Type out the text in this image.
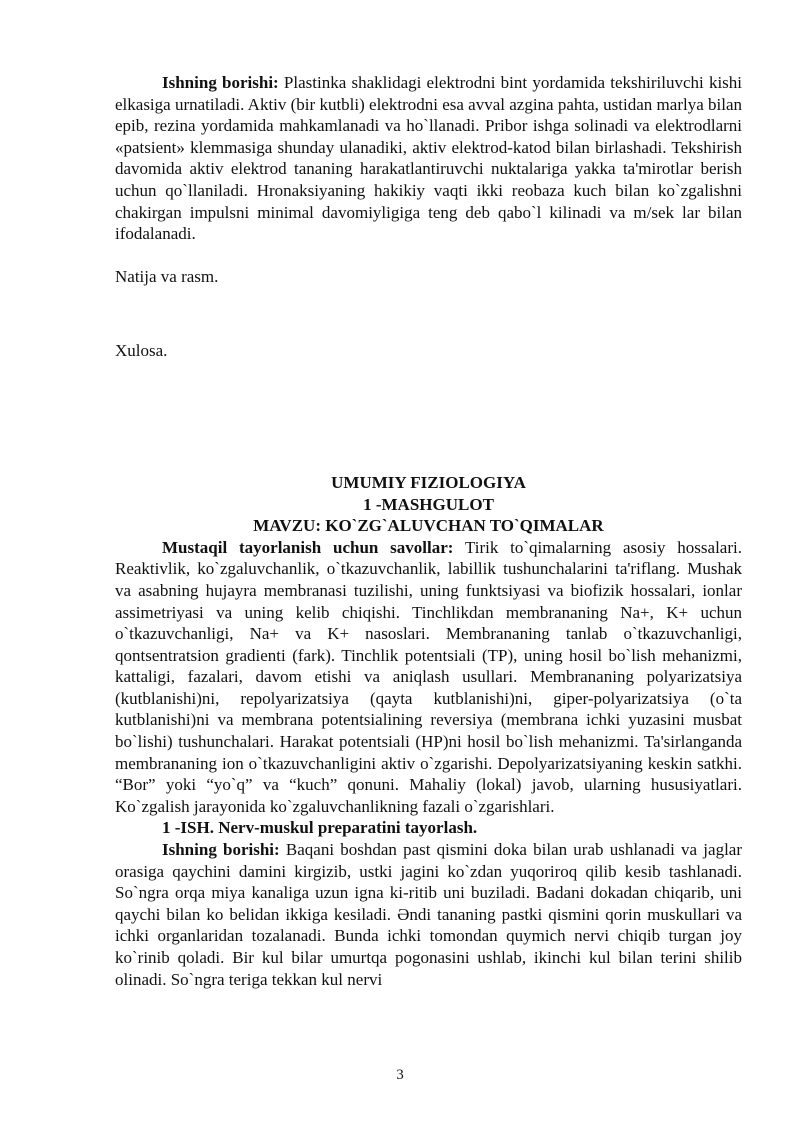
Ishning borishi: Plastinka shaklidagi elektrodni bint yordamida tekshiriluvchi kishi elkasiga urnatiladi. Aktiv (bir kutbli) elektrodni esa avval azgina pahta, ustidan marlya bilan epib, rezina yordamida mahkamlanadi va ho`llanadi. Pribor ishga solinadi va elektrodlarni «patsient» klemmasiga shunday ulanadiki, aktiv elektrod-katod bilan birlashadi. Tekshirish davomida aktiv elektrod tananing harakatlantiruvchi nuktalariga yakka ta'mirotlar berish uchun qo`llaniladi. Hronaksiyaning hakikiy vaqti ikki reobaza kuch bilan ko`zgalishni chakirgan impulsni minimal davomiyligiga teng deb qabo`l kilinadi va m/sek lar bilan ifodalanadi.

Natija va rasm.

Xulosa.

UMUMIY FIZIOLOGIYA

1 -MASHGULOT

MAVZU: KO`ZG`ALUVCHAN TO`QIMALAR

Mustaqil tayorlanish uchun savollar: Tirik to`qimalarning asosiy hossalari. Reaktivlik, ko`zgaluvchanlik, o`tkazuvchanlik, labillik tushunchalarini ta'riflang. Mushak va asabning hujayra membranasi tuzilishi, uning funktsiyasi va biofizik hossalari, ionlar assimetriyasi va uning kelib chiqishi. Tinchlikdan membrananing Na+, K+ uchun o`tkazuvchanligi, Na+ va K+ nasoslari. Membrananing tanlab o`tkazuvchanligi, qontsentratsion gradienti (fark). Tinchlik potentsiali (TP), uning hosil bo`lish mehanizmi, kattaligi, fazalari, davom etishi va aniqlash usullari. Membrananing polyarizatsiya (kutblanishi)ni, repolyarizatsiya (qayta kutblanishi)ni, giper-polyarizatsiya (o`ta kutblanishi)ni va membrana potentsialining reversiya (membrana ichki yuzasini musbat bo`lishi) tushunchalari. Harakat potentsiali (HP)ni hosil bo`lish mehanizmi. Ta'sirlanganda membrananing ion o`tkazuvchanligini aktiv o`zgarishi. Depolyarizatsiyaning keskin satkhi. “Bor” yoki “yo`q” va “kuch” qonuni. Mahaliy (lokal) javob, ularning hususiyatlari. Ko`zgalish jarayonida ko`zgaluvchanlikning fazali o`zgarishlari.

1 -ISH. Nerv-muskul preparatini tayorlash.

Ishning borishi: Baqani boshdan past qismini doka bilan urab ushlanadi va jaglar orasiga qaychini damini kirgizib, ustki jagini ko`zdan yuqoriroq qilib kesib tashlanadi. So`ngra orqa miya kanaliga uzun igna ki-ritib uni buziladi. Badani dokadan chiqarib, uni qaychi bilan ko belidan ikkiga kesiladi. Əndi tananing pastki qismini qorin muskullari va ichki organlaridan tozalanadi. Bunda ichki tomondan quymich nervi chiqib turgan joy ko`rinib qoladi. Bir kul bilar umurtqa pogonasini ushlab, ikinchi kul bilan terini shilib olinadi. So`ngra teriga tekkan kul nervi

3
